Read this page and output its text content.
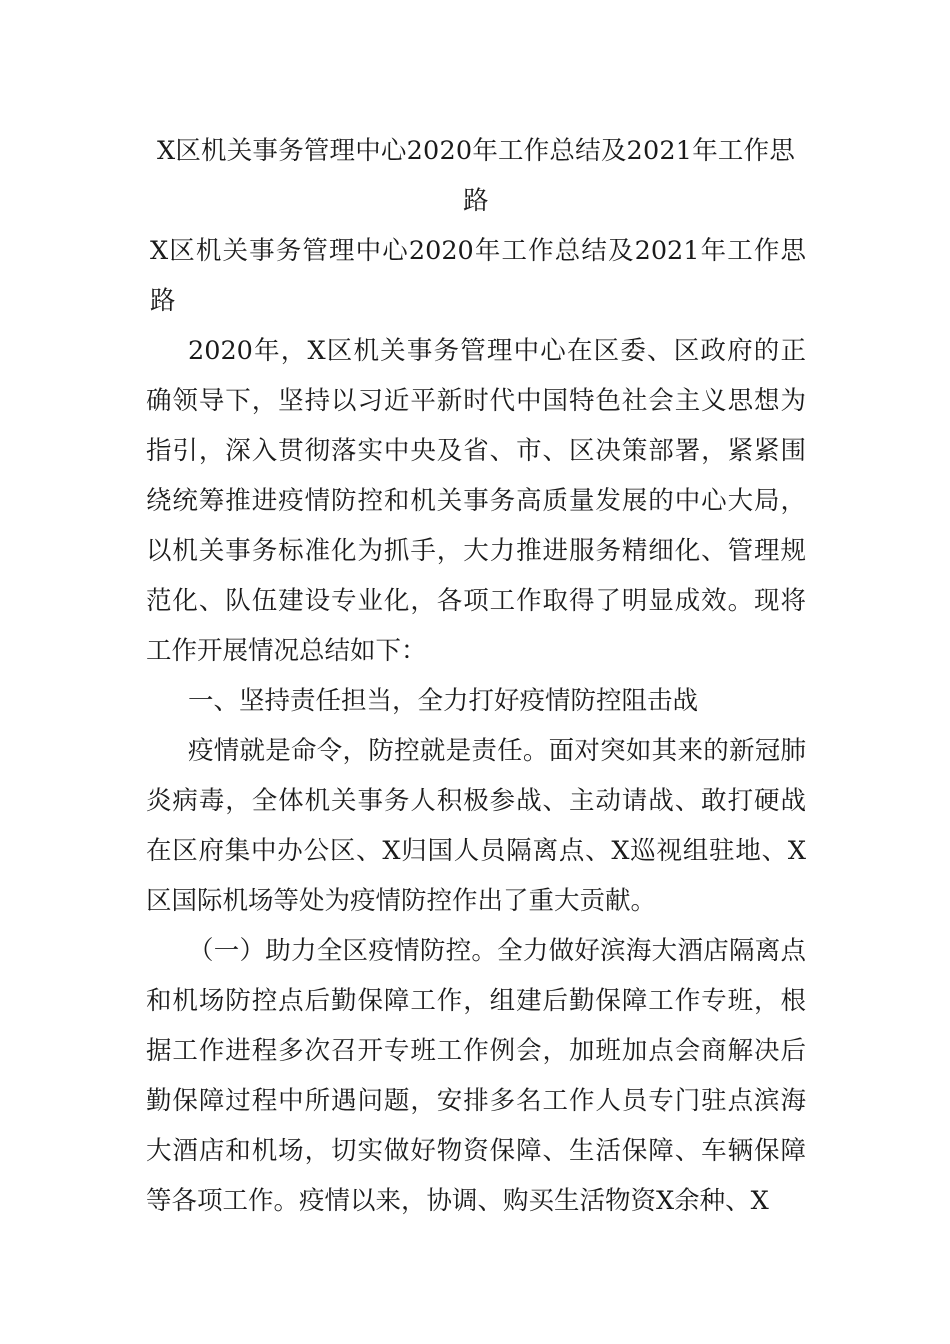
X区机关事务管理中心2020年工作总结及2021年工作思路

X区机关事务管理中心2020年工作总结及2021年工作思路

2020年，X区机关事务管理中心在区委、区政府的正确领导下，坚持以习近平新时代中国特色社会主义思想为指引，深入贯彻落实中央及省、市、区决策部署，紧紧围绕统筹推进疫情防控和机关事务高质量发展的中心大局，以机关事务标准化为抓手，大力推进服务精细化、管理规范化、队伍建设专业化，各项工作取得了明显成效。现将工作开展情况总结如下：

一、坚持责任担当，全力打好疫情防控阻击战

疫情就是命令，防控就是责任。面对突如其来的新冠肺炎病毒，全体机关事务人积极参战、主动请战、敢打硬战在区府集中办公区、X归国人员隔离点、X巡视组驻地、X区国际机场等处为疫情防控作出了重大贡献。

（一）助力全区疫情防控。全力做好滨海大酒店隔离点和机场防控点后勤保障工作，组建后勤保障工作专班，根据工作进程多次召开专班工作例会，加班加点会商解决后勤保障过程中所遇问题，安排多名工作人员专门驻点滨海大酒店和机场，切实做好物资保障、生活保障、车辆保障等各项工作。疫情以来，协调、购买生活物资X余种、X
